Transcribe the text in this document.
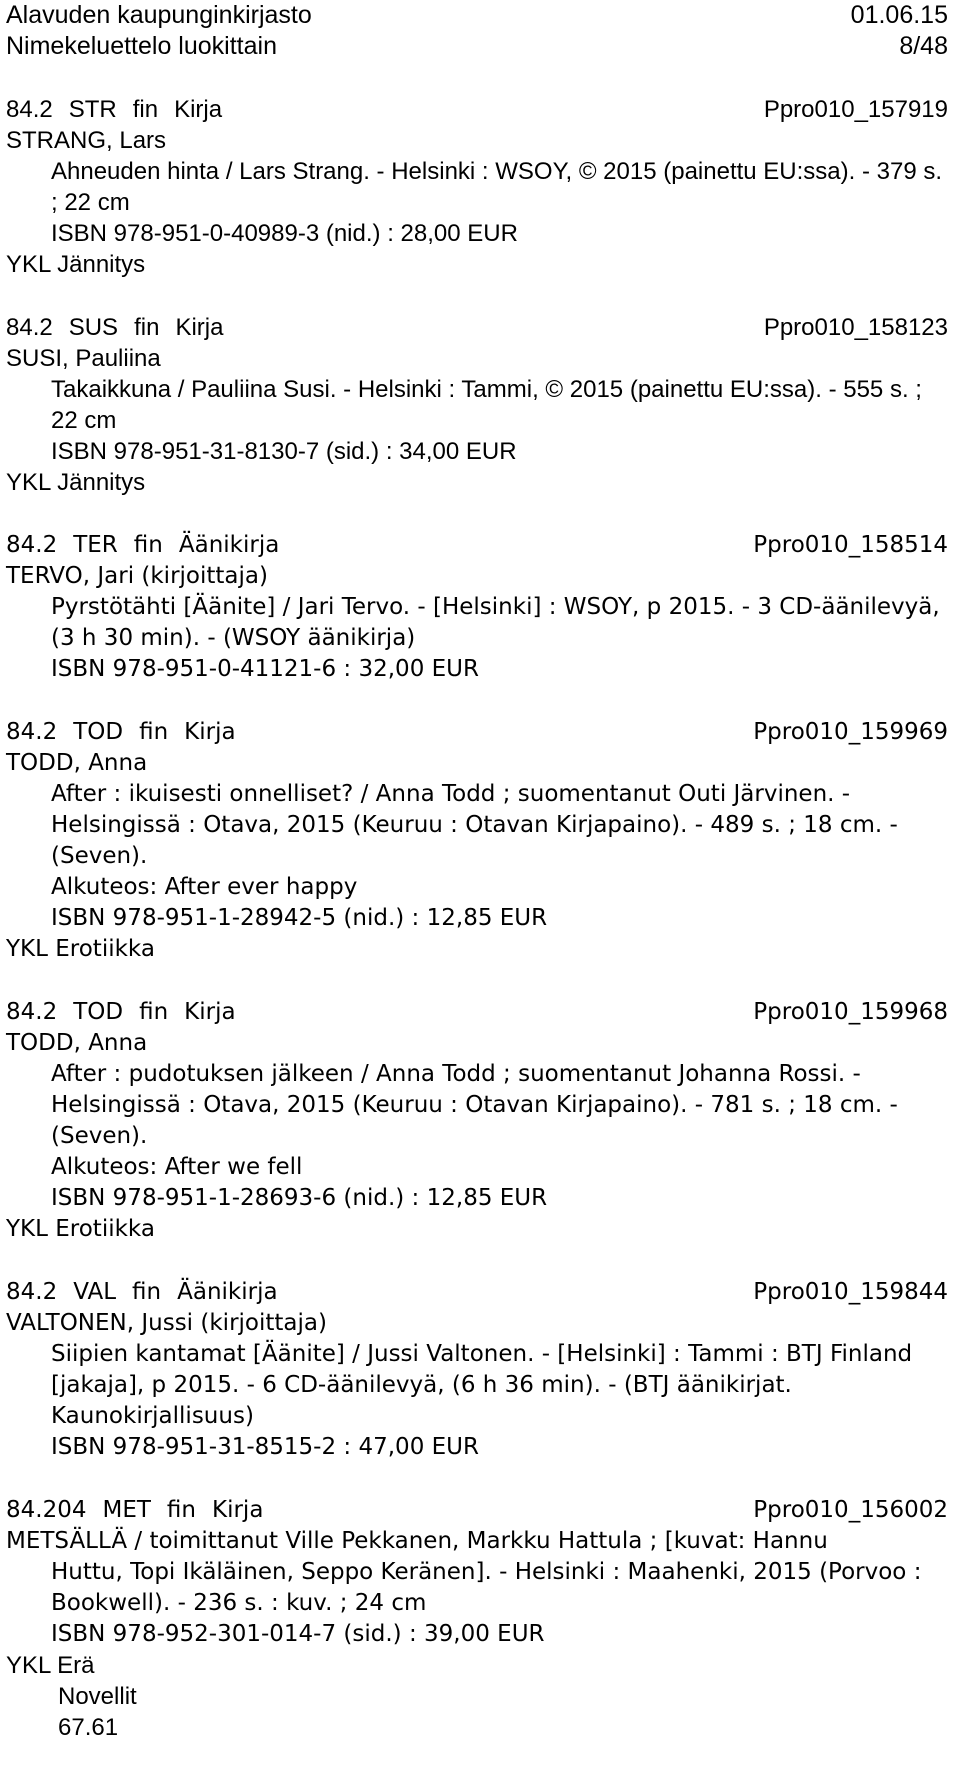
Alavuden kaupunginkirjasto	01.06.15
Nimekeluettelo luokittain	8/48
84.2 STR fin Kirja	Ppro010_157919
STRANG, Lars
Ahneuden hinta / Lars Strang. - Helsinki : WSOY, © 2015 (painettu EU:ssa). - 379 s. ; 22 cm
ISBN 978-951-0-40989-3 (nid.) : 28,00 EUR
YKL Jännitys
84.2 SUS fin Kirja	Ppro010_158123
SUSI, Pauliina
Takaikkuna / Pauliina Susi. - Helsinki : Tammi, © 2015 (painettu EU:ssa). - 555 s. ; 22 cm
ISBN 978-951-31-8130-7 (sid.) : 34,00 EUR
YKL Jännitys
84.2 TER fin Äänikirja	Ppro010_158514
TERVO, Jari (kirjoittaja)
Pyrstötähti [Äänite] / Jari Tervo. - [Helsinki] : WSOY, p 2015. - 3 CD-äänilevyä, (3 h 30 min). - (WSOY äänikirja)
ISBN 978-951-0-41121-6 : 32,00 EUR
84.2 TOD fin Kirja	Ppro010_159969
TODD, Anna
After : ikuisesti onnelliset? / Anna Todd ; suomentanut Outi Järvinen. - Helsingissä : Otava, 2015 (Keuruu : Otavan Kirjapaino). - 489 s. ; 18 cm. - (Seven).
Alkuteos: After ever happy
ISBN 978-951-1-28942-5 (nid.) : 12,85 EUR
YKL Erotiikka
84.2 TOD fin Kirja	Ppro010_159968
TODD, Anna
After : pudotuksen jälkeen / Anna Todd ; suomentanut Johanna Rossi. - Helsingissä : Otava, 2015 (Keuruu : Otavan Kirjapaino). - 781 s. ; 18 cm. - (Seven).
Alkuteos: After we fell
ISBN 978-951-1-28693-6 (nid.) : 12,85 EUR
YKL Erotiikka
84.2 VAL fin Äänikirja	Ppro010_159844
VALTONEN, Jussi (kirjoittaja)
Siipien kantamat [Äänite] / Jussi Valtonen. - [Helsinki] : Tammi : BTJ Finland [jakaja], p 2015. - 6 CD-äänilevyä, (6 h 36 min). - (BTJ äänikirjat. Kaunokirjallisuus)
ISBN 978-951-31-8515-2 : 47,00 EUR
84.204 MET fin Kirja	Ppro010_156002
METSÄLLÄ / toimittanut Ville Pekkanen, Markku Hattula ; [kuvat: Hannu
Huttu, Topi Ikäläinen, Seppo Keränen]. - Helsinki : Maahenki, 2015 (Porvoo : Bookwell). - 236 s. : kuv. ; 24 cm
ISBN 978-952-301-014-7 (sid.) : 39,00 EUR
YKL Erä
Novellit
67.61
